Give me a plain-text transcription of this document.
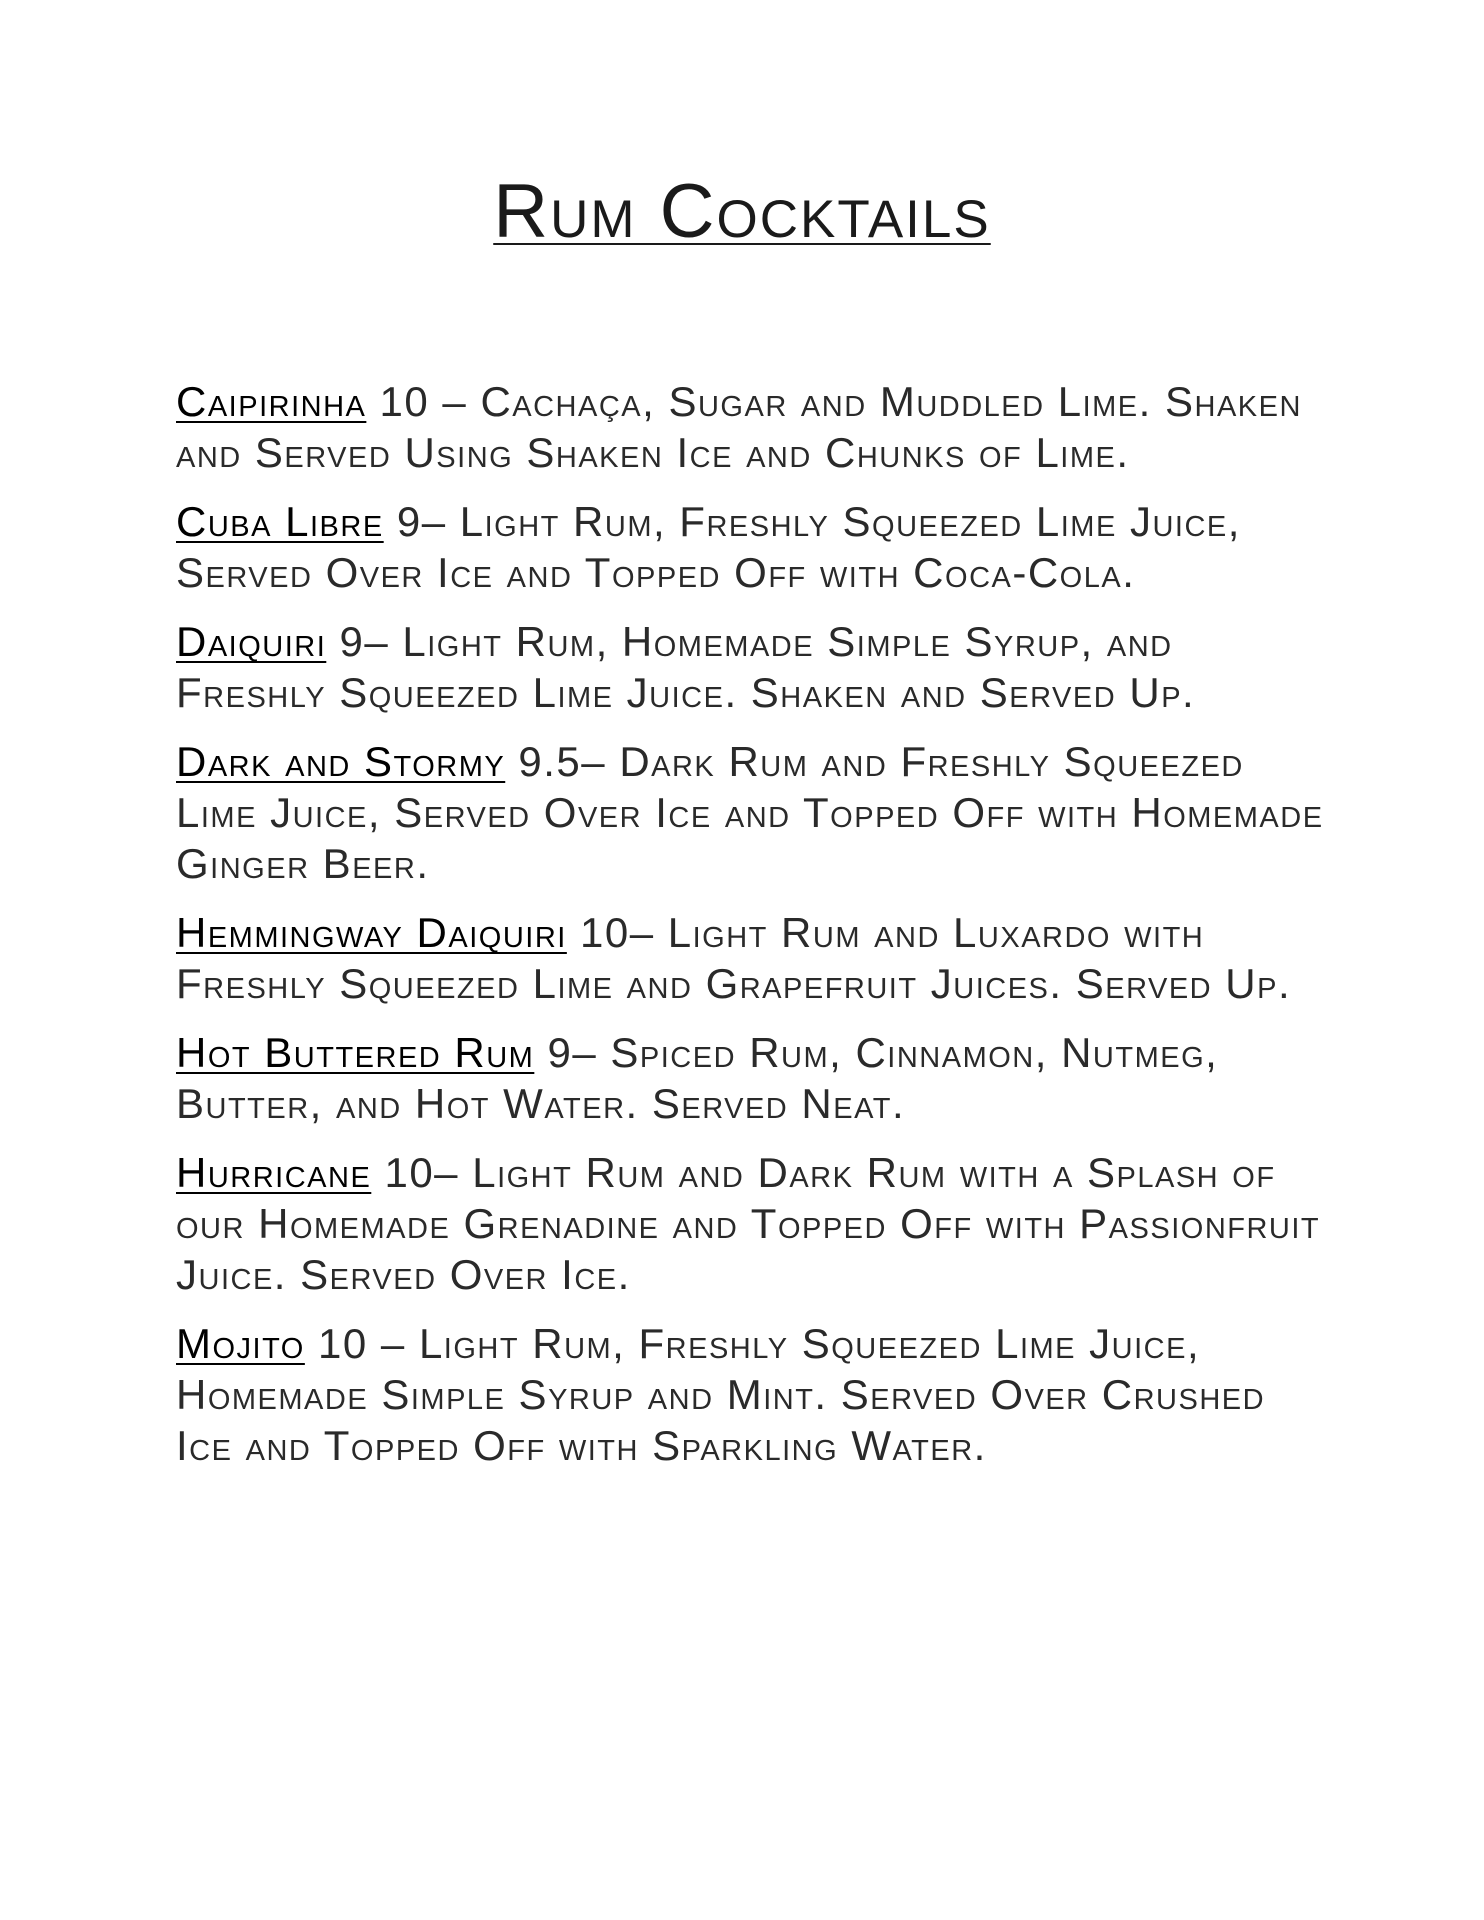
Rum Cocktails

Caipirinha 10 – Cachaça, Sugar and Muddled Lime. Shaken and Served Using Shaken Ice and Chunks of Lime.

Cuba Libre 9– Light Rum, Freshly Squeezed Lime Juice, Served Over Ice and Topped Off with Coca-Cola.

Daiquiri 9– Light Rum, Homemade Simple Syrup, and Freshly Squeezed Lime Juice. Shaken and Served Up.

Dark and Stormy 9.5– Dark Rum and Freshly Squeezed Lime Juice, Served Over Ice and Topped Off with Homemade Ginger Beer.

Hemmingway Daiquiri 10– Light Rum and Luxardo with Freshly Squeezed Lime and Grapefruit Juices. Served Up.

Hot Buttered Rum 9– Spiced Rum, Cinnamon, Nutmeg, Butter, and Hot Water. Served Neat.

Hurricane 10– Light Rum and Dark Rum with a Splash of our Homemade Grenadine and Topped Off with Passionfruit Juice. Served Over Ice.

Mojito 10 – Light Rum, Freshly Squeezed Lime Juice, Homemade Simple Syrup and Mint. Served Over Crushed Ice and Topped Off with Sparkling Water.
